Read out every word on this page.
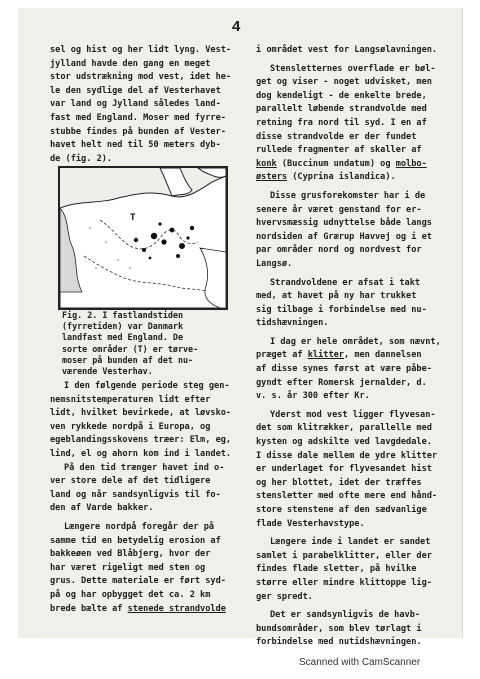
4
sel og hist og her lidt lyng. Vest-
jylland havde den gang en meget
stor udstrækning mod vest, idet he-
le den sydlige del af Vesterhavet
var land og Jylland således land-
fast med England. Moser med fyrre-
stubbe findes på bunden af Vester-
havet helt ned til 50 meters dyb-
de (fig. 2).
T
Fig. 2. I fastlandstiden
(fyrretiden) var Danmark
landfast med England. De
sorte områder (T) er tørve-
moser på bunden af det nu-
værende Vesterhav.
I den følgende periode steg gen-
nemsnitstemperaturen lidt efter
lidt, hvilket bevirkede, at løvsko-
ven rykkede nordpå i Europa, og
egeblandingsskovens træer: Elm, eg,
lind, el og ahorn kom ind i landet.
På den tid trænger havet ind o-
ver store dele af det tidligere
land og når sandsynligvis til fo-
den af Varde bakker.
Længere nordpå foregår der på
samme tid en betydelig erosion af
bakkeøen ved Blåbjerg, hvor der
har været rigeligt med sten og
grus. Dette materiale er ført syd-
på og har opbygget det ca. 2 km
brede bælte af stenede strandvolde
i området vest for Langsølavningen.
Stensletternes overflade er bøl-
get og viser - noget udvisket, men
dog kendeligt - de enkelte brede,
parallelt løbende strandvolde med
retning fra nord til syd. I en af
disse strandvolde er der fundet
rullede fragmenter af skaller af
konk (Buccinum undatum) og molbo-
østers (Cyprina islandica).
Disse grusforekomster har i de
senere år været genstand for er-
hvervsmæssig udnyttelse både langs
nordsiden af Grærup Havvej og i et
par områder nord og nordvest for
Langsø.
Strandvoldene er afsat i takt
med, at havet på ny har trukket
sig tilbage i forbindelse med nu-
tidshævningen.
I dag er hele området, som nævnt,
præget af klitter, men dannelsen
af disse synes først at være påbe-
gyndt efter Romersk jernalder, d.
v. s. år 300 efter Kr.
Yderst mod vest ligger flyvesan-
det som klitrækker, parallelle med
kysten og adskilte ved lavgdedale.
I disse dale mellem de ydre klitter
er underlaget for flyvesandet hist
og her blottet, idet der træffes
stensletter med ofte mere end hånd-
store stenstene af den sædvanlige
flade Vesterhavstype.
Længere inde i landet er sandet
samlet i parabelklitter, eller der
findes flade sletter, på hvilke
større eller mindre klittoppe lig-
ger spredt.
Det er sandsynligvis de havb-
bundsområder, som blev tørlagt i
forbindelse med nutidshævningen.
Scanned with CamScanner
